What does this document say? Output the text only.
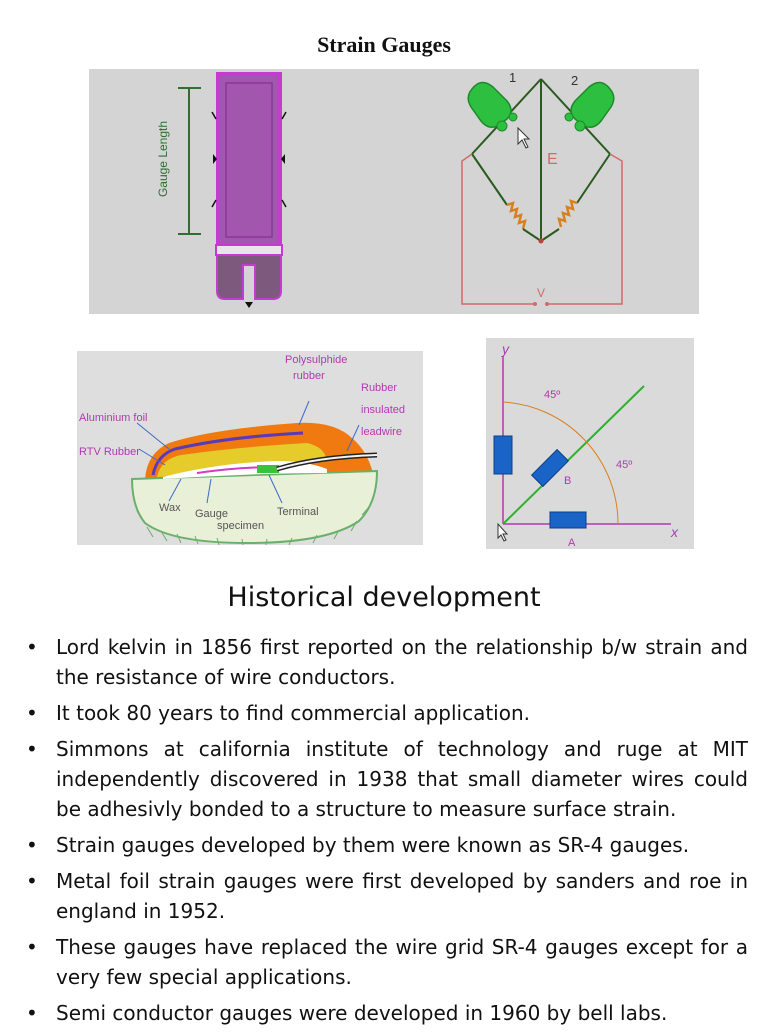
Strain Gauges
Gauge Length
1	2
E
V
Polysulphide
rubber
Rubber
insulated
leadwire
Aluminium foil
RTV Rubber
Wax Gauge
specimen
Terminal
y
x
45º
45º
B
A
Historical development
• Lord kelvin in 1856 first reported on the relationship b/w strain and the resistance of wire conductors.
• It took 80 years to find commercial application.
• Simmons at california institute of technology and ruge at MIT independently discovered in 1938 that small diameter wires could be adhesivly bonded to a structure to measure surface strain.
• Strain gauges developed by them were known as SR-4 gauges.
• Metal foil strain gauges were first developed by sanders and roe in england in 1952.
• These gauges have replaced the wire grid SR-4 gauges except for a very few special applications.
• Semi conductor gauges were developed in 1960 by bell labs.
